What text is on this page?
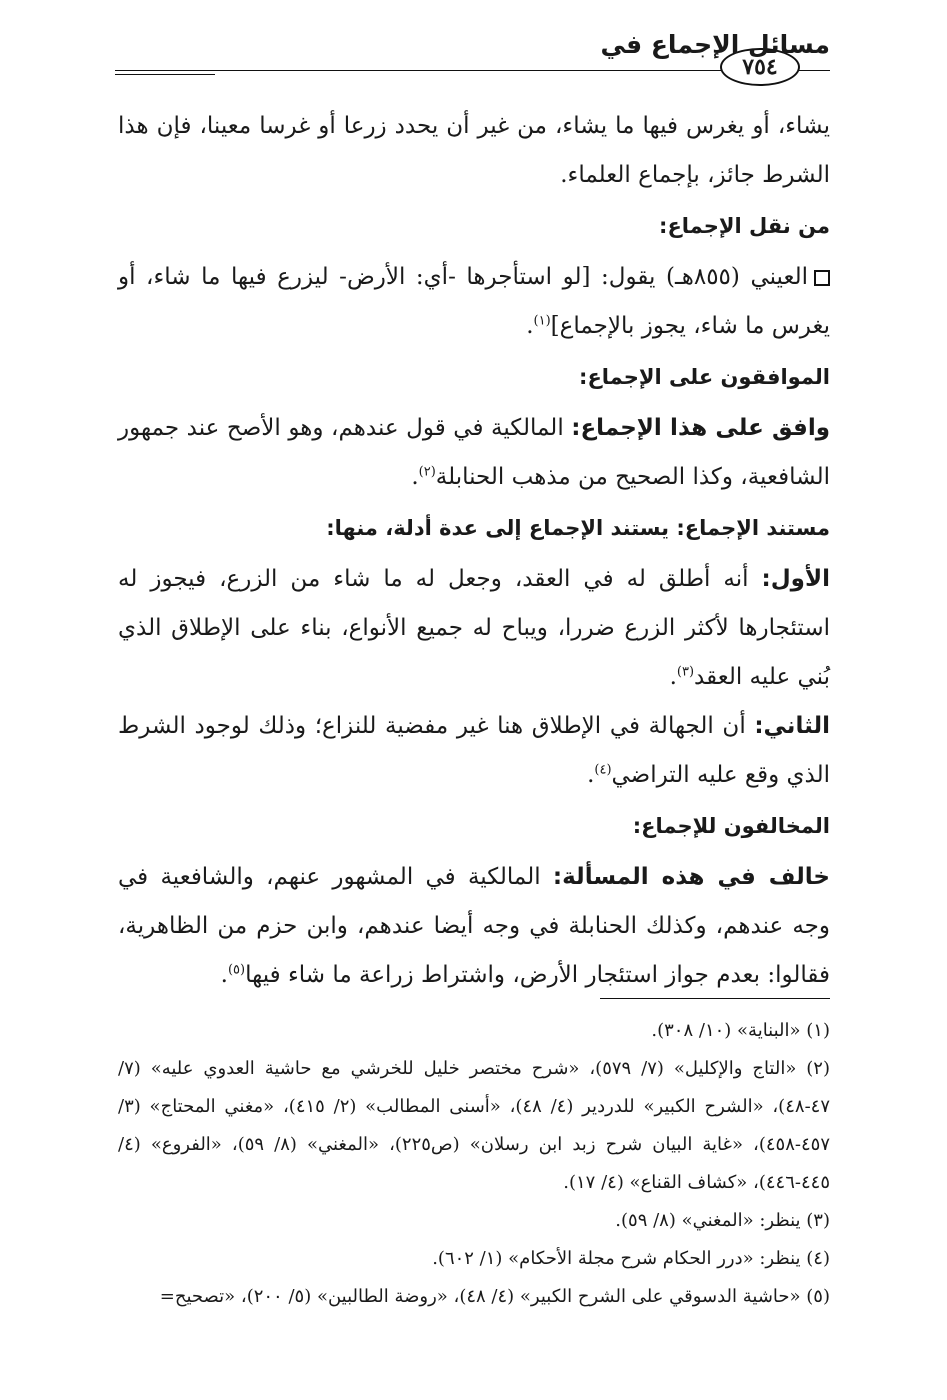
٧٥٤
مسائل الإجماع في

يشاء، أو يغرس فيها ما يشاء، من غير أن يحدد زرعا أو غرسا معينا، فإن هذا الشرط جائز، بإجماع العلماء.

من نقل الإجماع:

العيني (٨٥٥هـ) يقول: [لو استأجرها -أي: الأرض- ليزرع فيها ما شاء، أو يغرس ما شاء، يجوز بالإجماع]$^{(١)}$.

الموافقون على الإجماع:

وافق على هذا الإجماع: المالكية في قول عندهم، وهو الأصح عند جمهور الشافعية، وكذا الصحيح من مذهب الحنابلة$^{(٢)}$.

مستند الإجماع: يستند الإجماع إلى عدة أدلة، منها:

الأول: أنه أطلق له في العقد، وجعل له ما شاء من الزرع، فيجوز له استئجارها لأكثر الزرع ضررا، ويباح له جميع الأنواع، بناء على الإطلاق الذي بُني عليه العقد$^{(٣)}$.

الثاني: أن الجهالة في الإطلاق هنا غير مفضية للنزاع؛ وذلك لوجود الشرط الذي وقع عليه التراضي$^{(٤)}$.

المخالفون للإجماع:

خالف في هذه المسألة: المالكية في المشهور عنهم، والشافعية في وجه عندهم، وكذلك الحنابلة في وجه أيضا عندهم، وابن حزم من الظاهرية، فقالوا: بعدم جواز استئجار الأرض، واشتراط زراعة ما شاء فيها$^{(٥)}$.

(١) «البناية» (١٠/ ٣٠٨).

(٢) «التاج والإكليل» (٧/ ٥٧٩)، «شرح مختصر خليل للخرشي مع حاشية العدوي عليه» (٧/ ٤٧-٤٨)، «الشرح الكبير» للدردير (٤/ ٤٨)، «أسنى المطالب» (٢/ ٤١٥)، «مغني المحتاج» (٣/ ٤٥٧-٤٥٨)، «غاية البيان شرح زبد ابن رسلان» (ص٢٢٥)، «المغني» (٨/ ٥٩)، «الفروع» (٤/ ٤٤٥-٤٤٦)، «كشاف القناع» (٤/ ١٧).

(٣) ينظر: «المغني» (٨/ ٥٩).

(٤) ينظر: «درر الحكام شرح مجلة الأحكام» (١/ ٦٠٢).

(٥) «حاشية الدسوقي على الشرح الكبير» (٤/ ٤٨)، «روضة الطالبين» (٥/ ٢٠٠)، «تصحيح=
